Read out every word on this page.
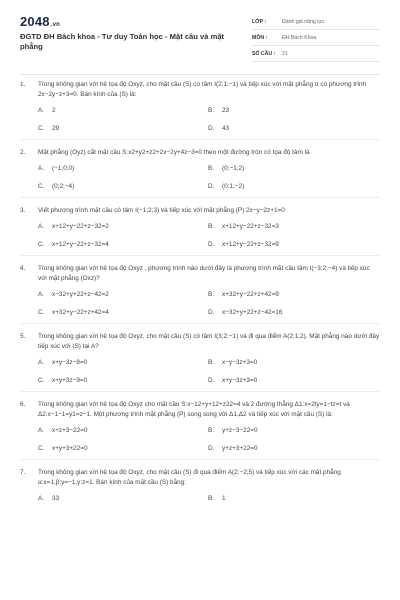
2048.vn
ĐGTD ĐH Bách khoa - Tư duy Toán học - Mặt cầu và mặt phẳng
LỚP :	Đánh giá năng lực
MÔN :	ĐH Bách Khoa
SỐ CÂU :	21
1.	Trong không gian với hệ tọa độ Oxyz, cho mặt cầu (S) có tâm I(2;1;−1) và tiếp xúc với mặt phẳng α có phương trình 2x−2y−z+3=0. Bán kính của (S) là:
A.	2	B.	23
C.	29	D.	43
2.	Mặt phẳng (Oyz) cắt mặt cầu S:x2+y2+z2+2x−2y+4z−3=0 theo một đường tròn có tọa độ tâm là
A.	(−1;0;0)	B.	(0;−1;2)
C.	(0;2;−4)	D.	(0;1;−2)
3.	Viết phương trình mặt cầu có tâm I(−1;2;3) và tiếp xúc với mặt phẳng (P):2x−y−2z+1=0
A.	x+12+y−22+z−32=2	B.	x+12+y−22+z−32=3
C.	x+12+y−22+z−32=4	D.	x+12+y−22+z−32=9
4.	Trong không gian với hệ tọa độ Oxyz , phương trình nào dưới đây là phương trình mặt cầu tâm I(−3;2;−4) và tiếp xúc với mặt phẳng (Oxz)?
A.	x−32+y+22+z−42=2	B.	x+32+y−22+z+42=9
C.	x+32+y−22+z+42=4	D.	x−32+y+22+z−42=16
5.	Trong không gian với hệ tọa độ Oxyz, cho mặt cầu (S) có tâm I(3;2;−1) và đi qua điểm A(2;1;2). Mặt phẳng nào dưới đây tiếp xúc với (S) tại A?
A.	x+y−3z−8=0	B.	x−y−3z+3=0
C.	x+y+3z−9=0	D.	x+y−3z+3=0
6.	Trong không gian với hệ tọa độ Oxyz cho mặt cầu S:x−12+y+12+z22=4 và 2 đường thẳng Δ1:x=2ty=1−tz=t và Δ2:x−1−1=y1=z−1. Một phương trình mặt phẳng (P) song song với Δ1,Δ2 và tiếp xúc với mặt cầu (S) là:
A.	x+z+3−22=0	B.	y+z−3−22=0
C.	x+y+3+22=0	D.	y+z+3+22=0
7.	Trong không gian với hệ tọa độ Oxyz, cho mặt cầu (S) đi qua điểm A(2;−2;5) và tiếp xúc với các mặt phẳng α:x=1,β:y=−1,γ:z=1. Bán kính của mặt cầu (S) bằng:
A.	33	B.	1
